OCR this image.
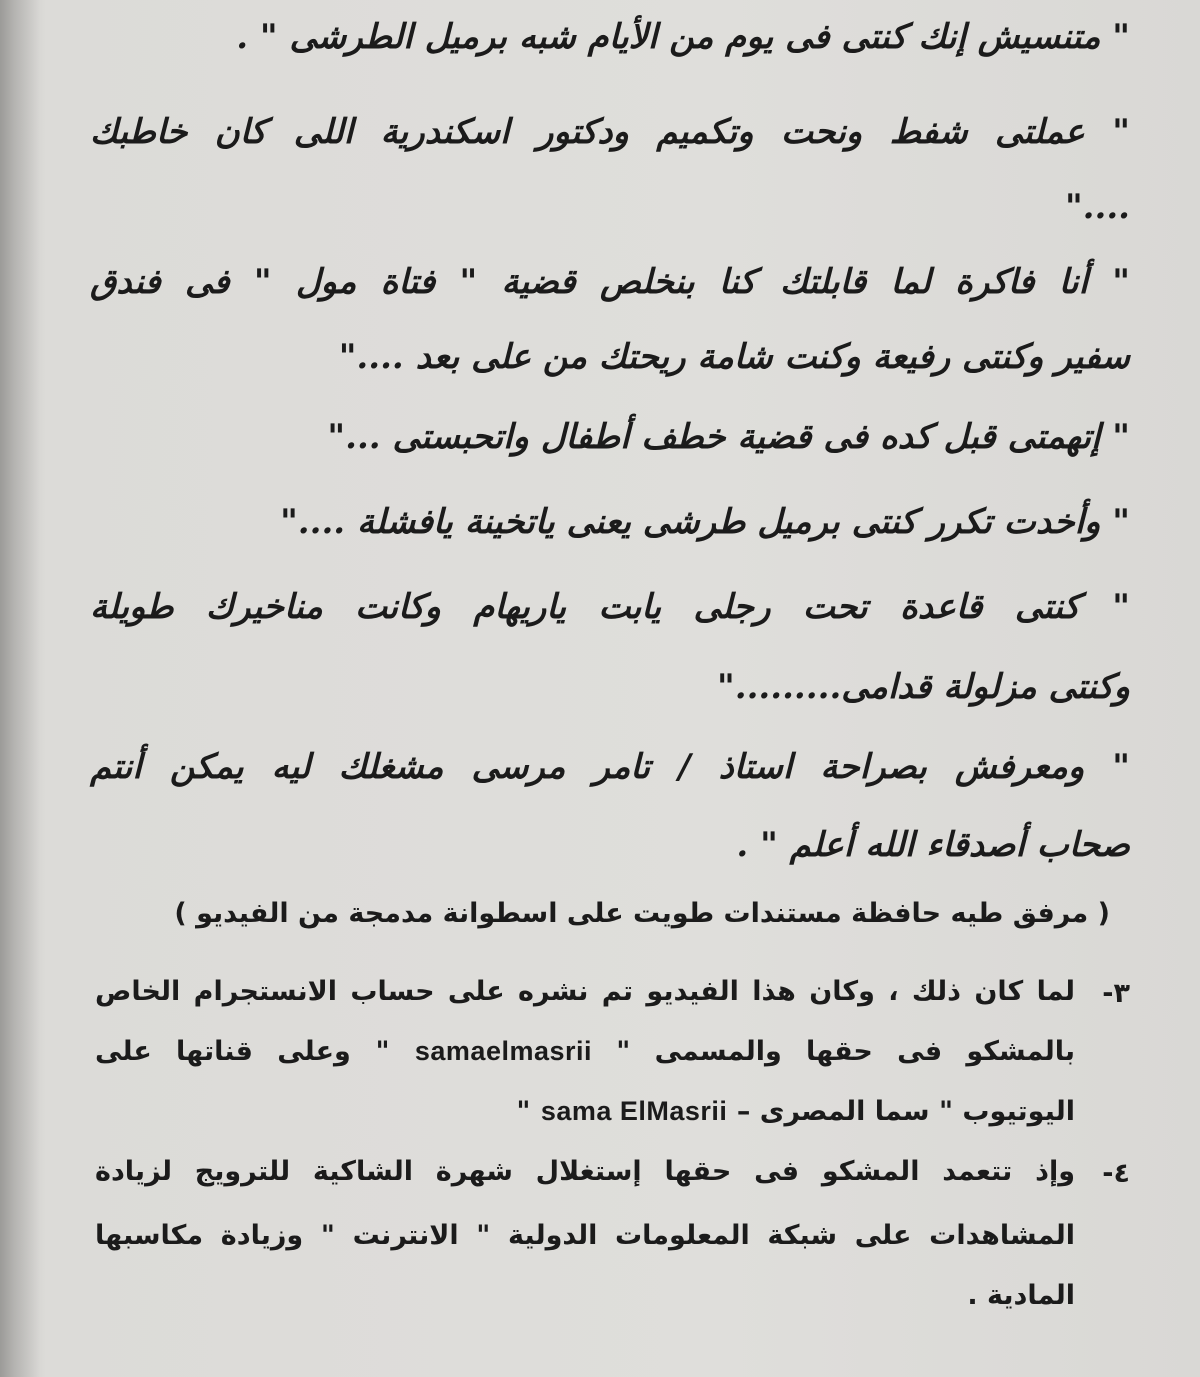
" متنسيش إنك كنتى فى يوم من الأيام شبه برميل الطرشى " .
" عملتى شفط ونحت وتكميم ودكتور اسكندرية اللى كان خاطبك
...."
" أنا فاكرة لما قابلتك كنا بنخلص قضية " فتاة مول " فى فندق
سفير وكنتى رفيعة وكنت شامة ريحتك من على بعد ...."
" إتهمتى قبل كده فى قضية خطف أطفال واتحبستى ..."
" وأخدت تكرر كنتى برميل طرشى يعنى ياتخينة يافشلة ...."
" كنتى قاعدة تحت رجلى يابت ياريهام وكانت مناخيرك طويلة
وكنتى مزلولة قدامى........."
" ومعرفش بصراحة استاذ / تامر مرسى مشغلك ليه يمكن أنتم
صحاب أصدقاء الله أعلم " .
( مرفق طيه حافظة مستندات طويت على اسطوانة مدمجة من الفيديو )
٣-
لما كان ذلك ، وكان هذا الفيديو تم نشره على حساب الانستجرام الخاص
بالمشكو فى حقها والمسمى " samaelmasrii " وعلى قناتها على
اليوتيوب " سما المصرى – sama ElMasrii "
٤-
وإذ تتعمد المشكو فى حقها إستغلال شهرة الشاكية للترويج لزيادة
المشاهدات على شبكة المعلومات الدولية " الانترنت " وزيادة مكاسبها
المادية .
